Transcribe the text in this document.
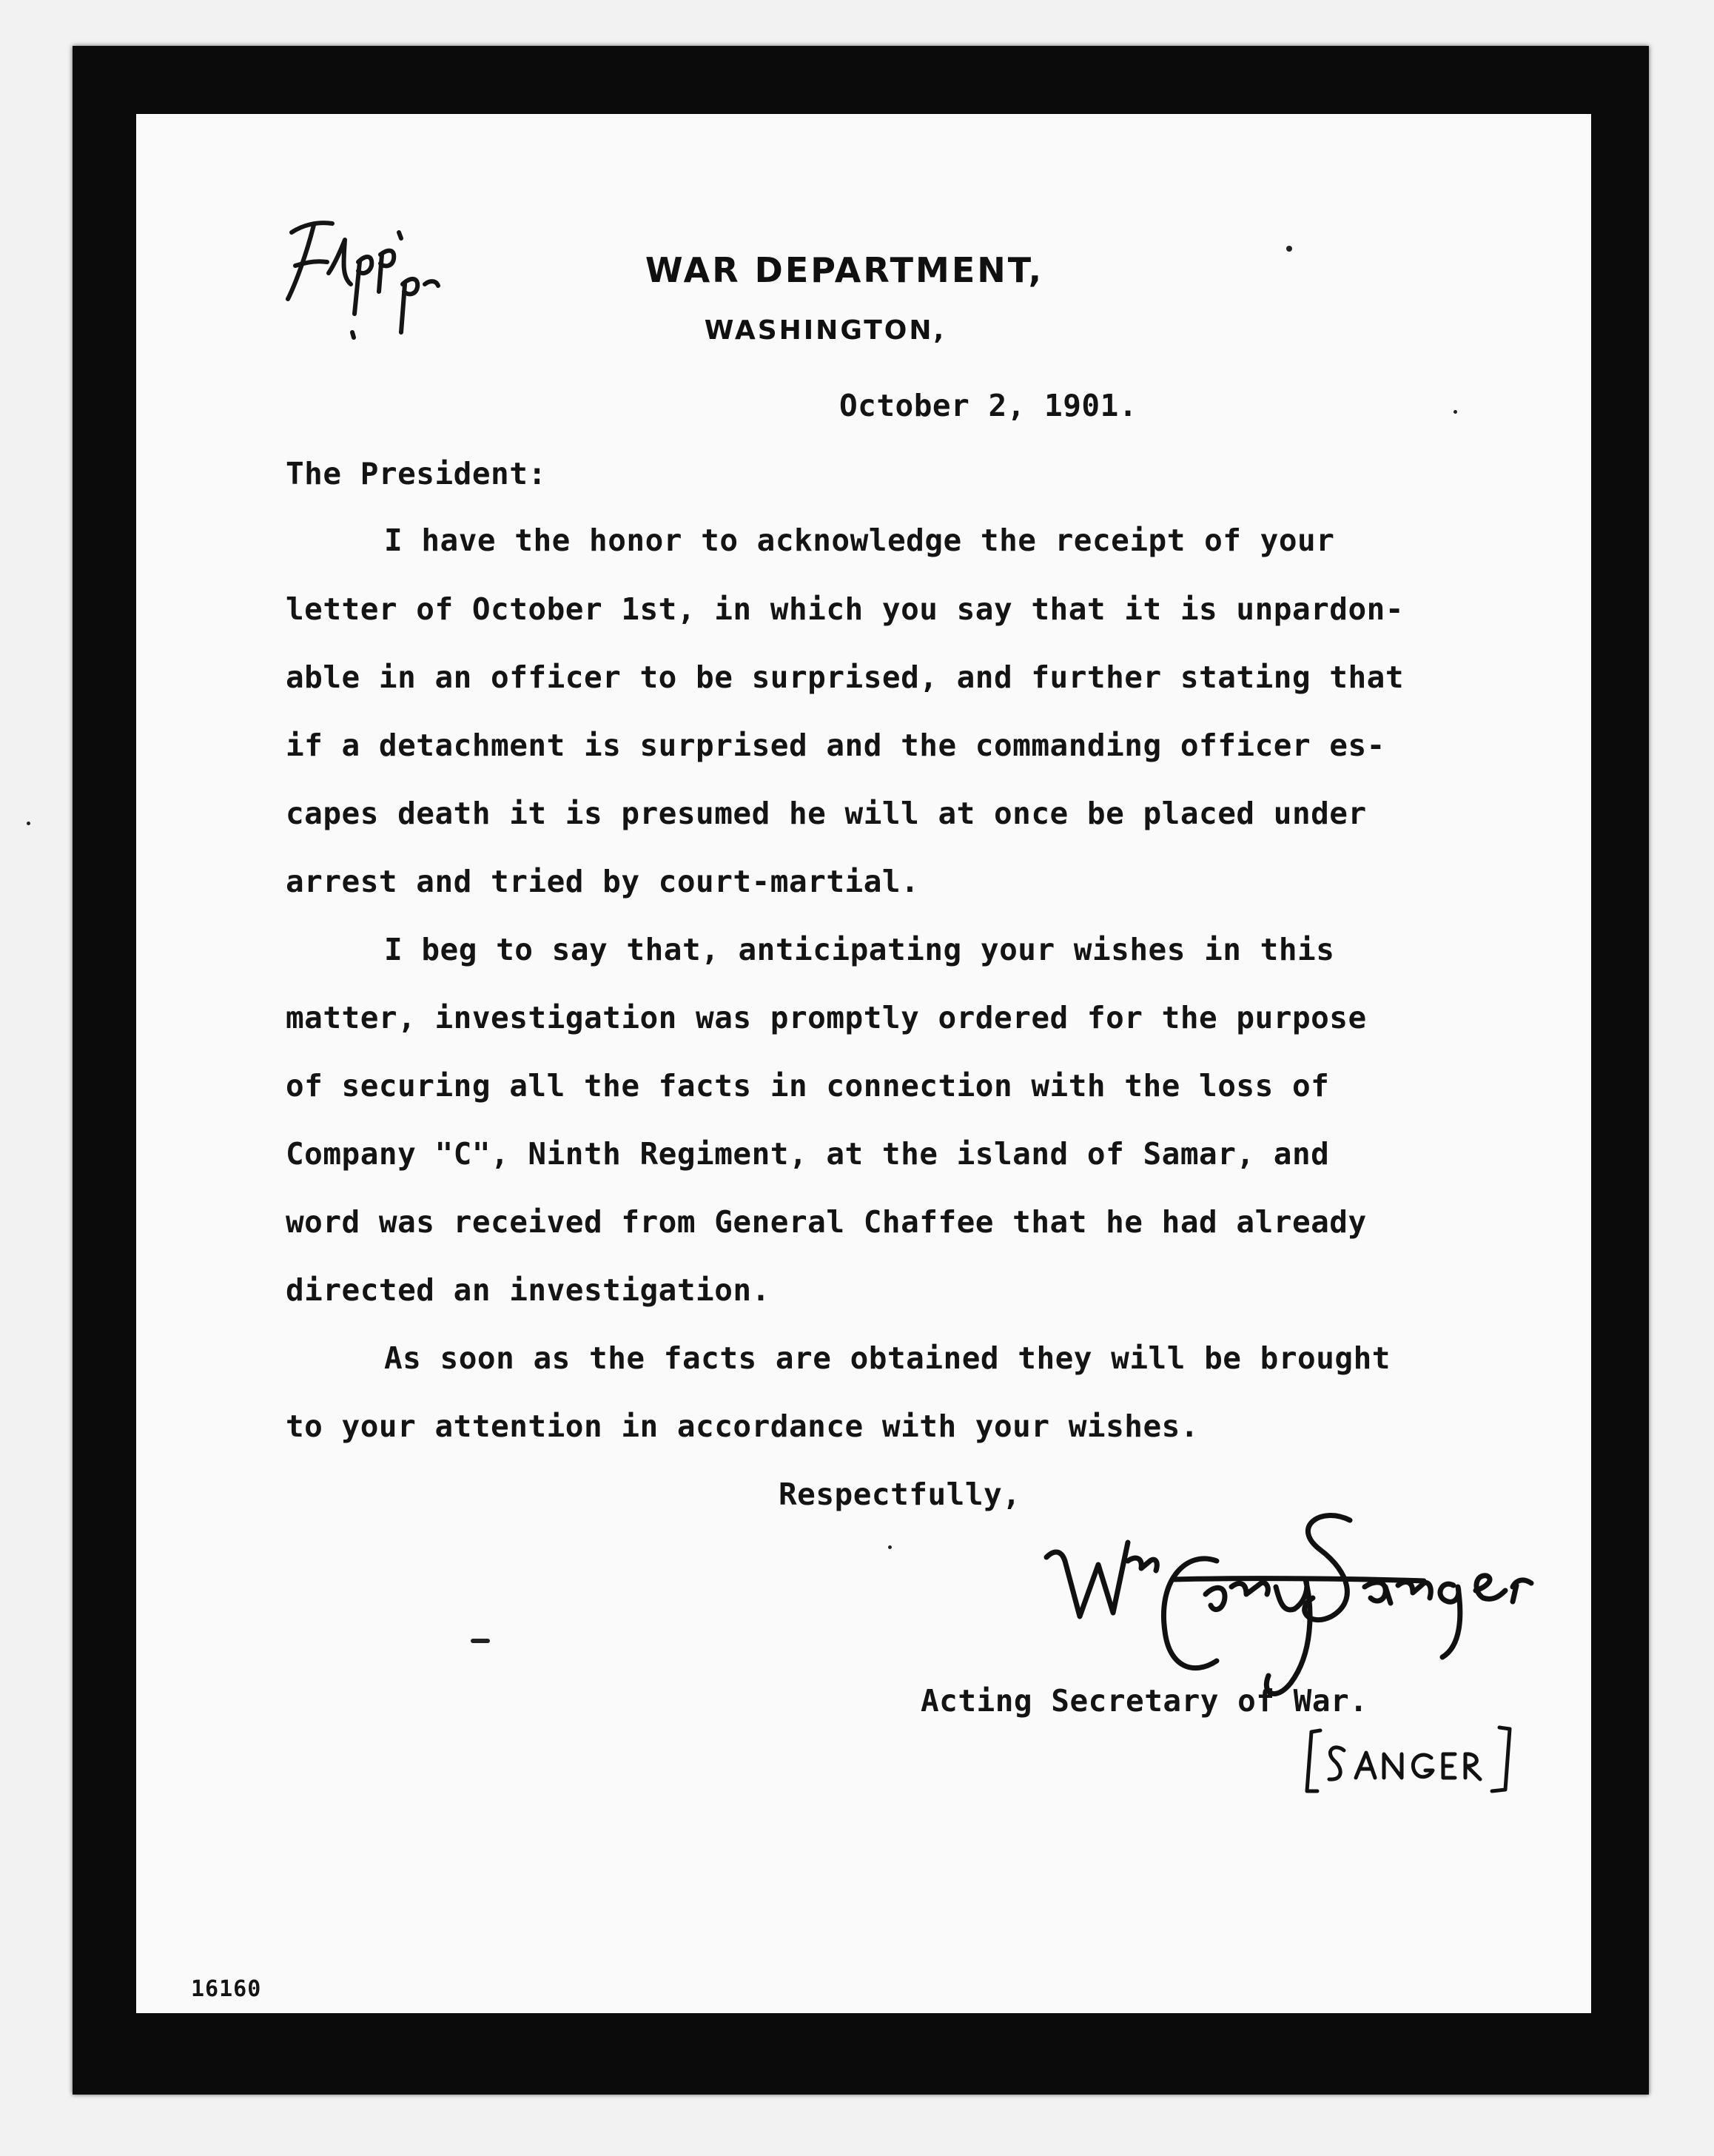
WAR DEPARTMENT,
WASHINGTON,
October 2, 1901.
The President:
I have the honor to acknowledge the receipt of your
letter of October 1st, in which you say that it is unpardon-
able in an officer to be surprised, and further stating that
if a detachment is surprised and the commanding officer es-
capes death it is presumed he will at once be placed under
arrest and tried by court-martial.
I beg to say that, anticipating your wishes in this
matter, investigation was promptly ordered for the purpose
of securing all the facts in connection with the loss of
Company "C", Ninth Regiment, at the island of Samar, and
word was received from General Chaffee that he had already
directed an investigation.
As soon as the facts are obtained they will be brought
to your attention in accordance with your wishes.
Respectfully,
Acting Secretary of War.
16160
